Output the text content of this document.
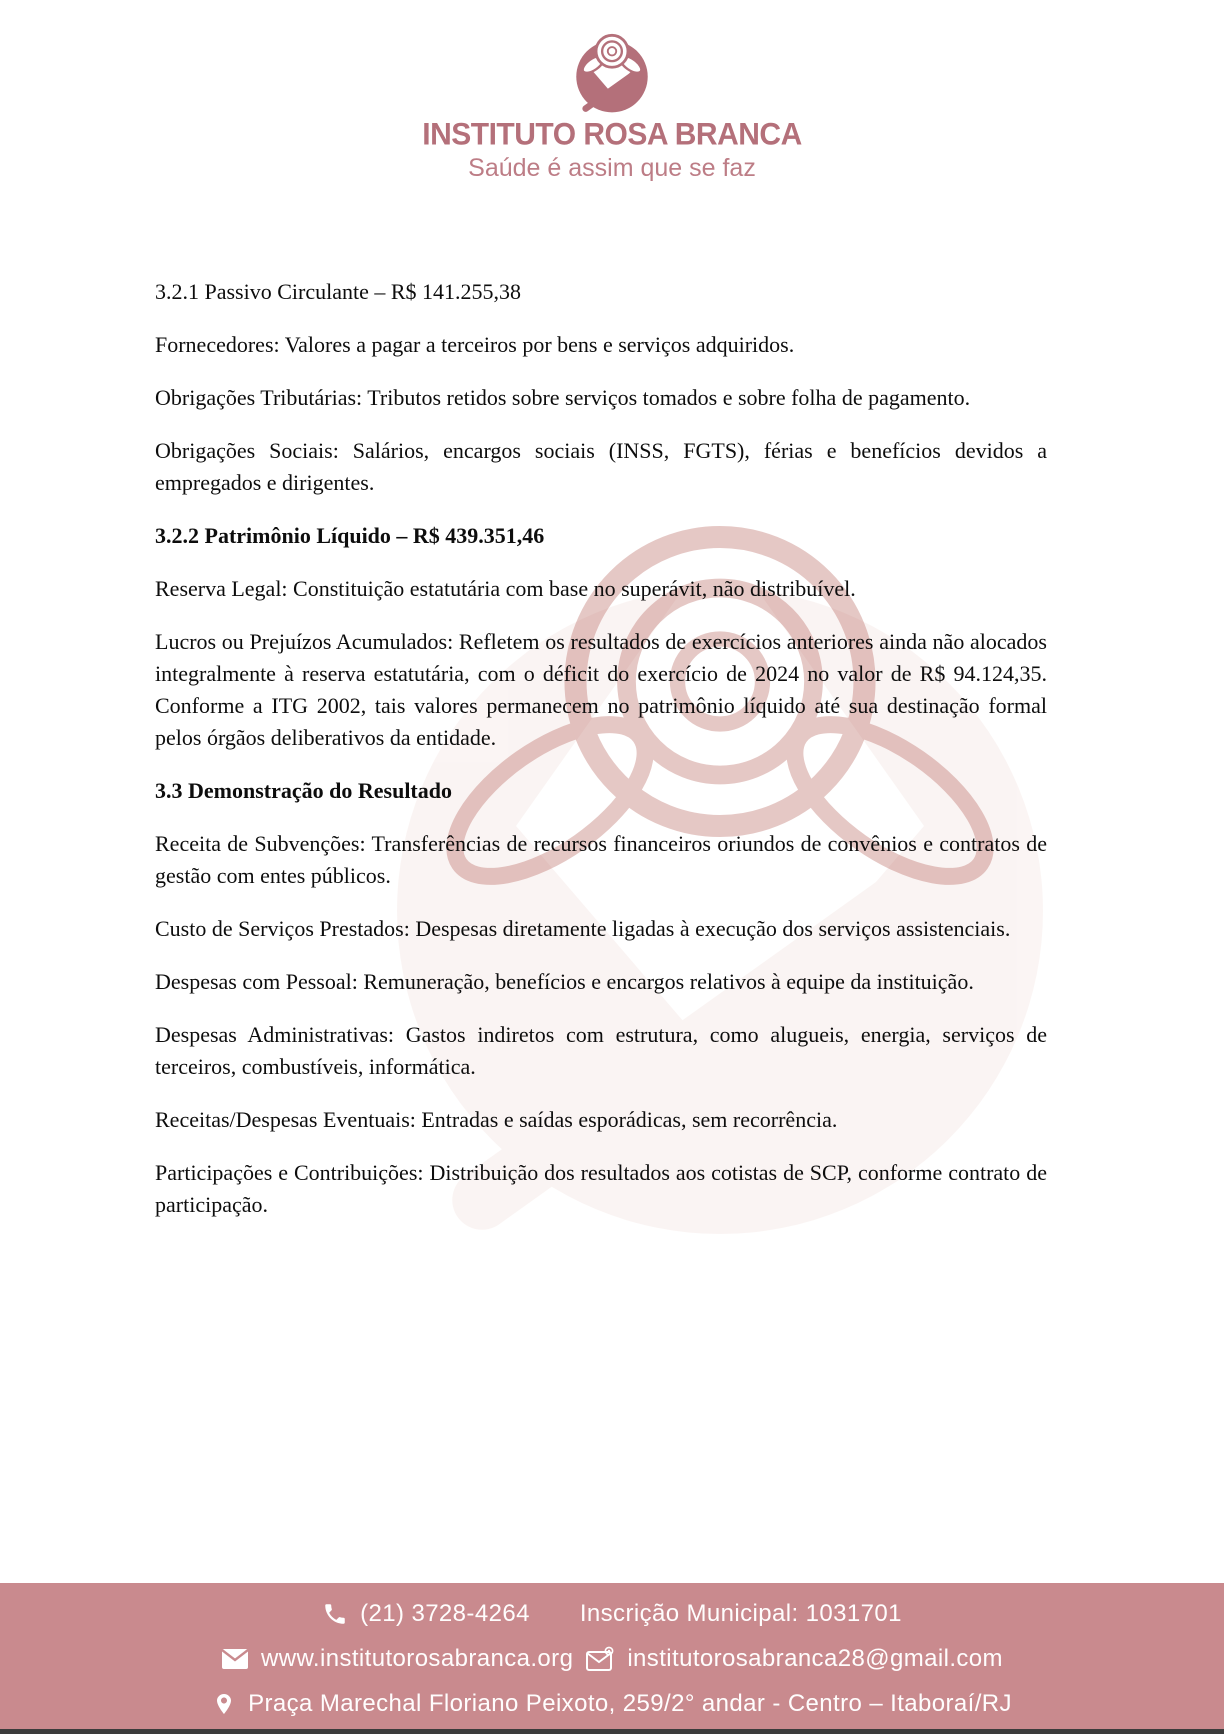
INSTITUTO ROSA BRANCA
Saúde é assim que se faz

3.2.1 Passivo Circulante – R$ 141.255,38

Fornecedores: Valores a pagar a terceiros por bens e serviços adquiridos.

Obrigações Tributárias: Tributos retidos sobre serviços tomados e sobre folha de pagamento.

Obrigações Sociais: Salários, encargos sociais (INSS, FGTS), férias e benefícios devidos a empregados e dirigentes.

3.2.2 Patrimônio Líquido – R$ 439.351,46

Reserva Legal: Constituição estatutária com base no superávit, não distribuível.

Lucros ou Prejuízos Acumulados: Refletem os resultados de exercícios anteriores ainda não alocados integralmente à reserva estatutária, com o déficit do exercício de 2024 no valor de R$ 94.124,35. Conforme a ITG 2002, tais valores permanecem no patrimônio líquido até sua destinação formal pelos órgãos deliberativos da entidade.

3.3 Demonstração do Resultado

Receita de Subvenções: Transferências de recursos financeiros oriundos de convênios e contratos de gestão com entes públicos.

Custo de Serviços Prestados: Despesas diretamente ligadas à execução dos serviços assistenciais.

Despesas com Pessoal: Remuneração, benefícios e encargos relativos à equipe da instituição.

Despesas Administrativas: Gastos indiretos com estrutura, como alugueis, energia, serviços de terceiros, combustíveis, informática.

Receitas/Despesas Eventuais: Entradas e saídas esporádicas, sem recorrência.

Participações e Contribuições: Distribuição dos resultados aos cotistas de SCP, conforme contrato de participação.

(21) 3728-4264 Inscrição Municipal: 1031701
www.institutorosabranca.org institutorosabranca28@gmail.com
Praça Marechal Floriano Peixoto, 259/2° andar - Centro – Itaboraí/RJ
